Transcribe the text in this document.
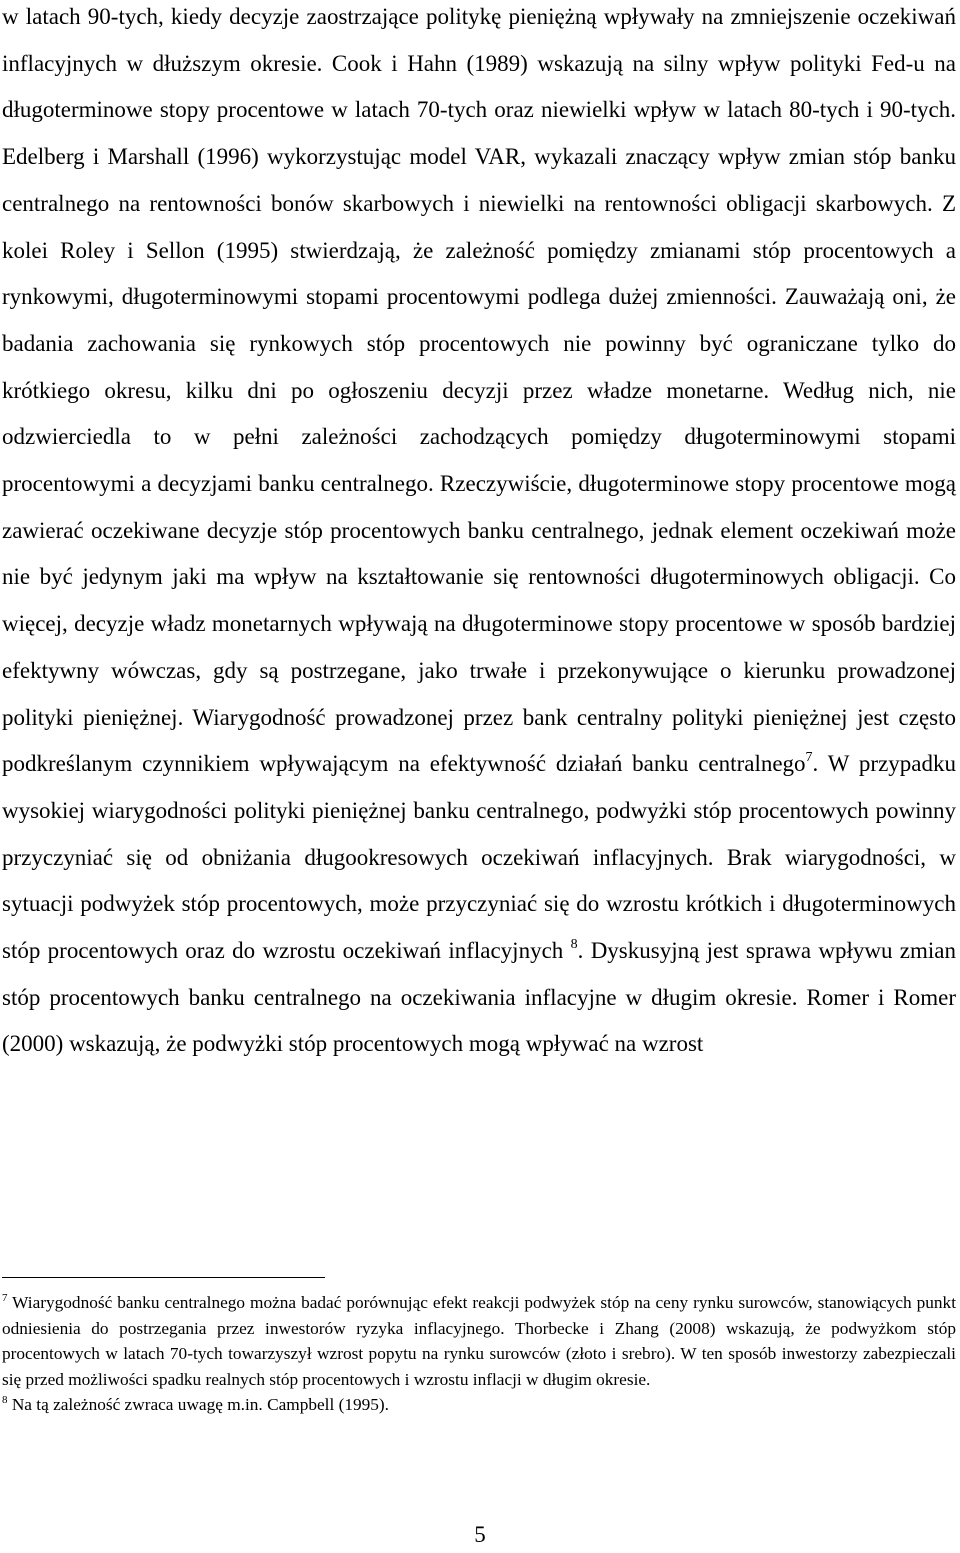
w latach 90-tych, kiedy decyzje zaostrzające politykę pieniężną wpływały na zmniejszenie oczekiwań inflacyjnych w dłuższym okresie. Cook i Hahn (1989) wskazują na silny wpływ polityki Fed-u na długoterminowe stopy procentowe w latach 70-tych oraz niewielki wpływ w latach 80-tych i 90-tych. Edelberg i Marshall (1996) wykorzystując model VAR, wykazali znaczący wpływ zmian stóp banku centralnego na rentowności bonów skarbowych i niewielki na rentowności obligacji skarbowych. Z kolei Roley i Sellon (1995) stwierdzają, że zależność pomiędzy zmianami stóp procentowych a rynkowymi, długoterminowymi stopami procentowymi podlega dużej zmienności. Zauważają oni, że badania zachowania się rynkowych stóp procentowych nie powinny być ograniczane tylko do krótkiego okresu, kilku dni po ogłoszeniu decyzji przez władze monetarne. Według nich, nie odzwierciedla to w pełni zależności zachodzących pomiędzy długoterminowymi stopami procentowymi a decyzjami banku centralnego. Rzeczywiście, długoterminowe stopy procentowe mogą zawierać oczekiwane decyzje stóp procentowych banku centralnego, jednak element oczekiwań może nie być jedynym jaki ma wpływ na kształtowanie się rentowności długoterminowych obligacji. Co więcej, decyzje władz monetarnych wpływają na długoterminowe stopy procentowe w sposób bardziej efektywny wówczas, gdy są postrzegane, jako trwałe i przekonywujące o kierunku prowadzonej polityki pieniężnej. Wiarygodność prowadzonej przez bank centralny polityki pieniężnej jest często podkreślanym czynnikiem wpływającym na efektywność działań banku centralnego$^7$. W przypadku wysokiej wiarygodności polityki pieniężnej banku centralnego, podwyżki stóp procentowych powinny przyczyniać się od obniżania długookresowych oczekiwań inflacyjnych. Brak wiarygodności, w sytuacji podwyżek stóp procentowych, może przyczyniać się do wzrostu krótkich i długoterminowych stóp procentowych oraz do wzrostu oczekiwań inflacyjnych $^8$. Dyskusyjną jest sprawa wpływu zmian stóp procentowych banku centralnego na oczekiwania inflacyjne w długim okresie. Romer i Romer (2000) wskazują, że podwyżki stóp procentowych mogą wpływać na wzrost

$^7$ Wiarygodność banku centralnego można badać porównując efekt reakcji podwyżek stóp na ceny rynku surowców, stanowiących punkt odniesienia do postrzegania przez inwestorów ryzyka inflacyjnego. Thorbecke i Zhang (2008) wskazują, że podwyżkom stóp procentowych w latach 70-tych towarzyszył wzrost popytu na rynku surowców (złoto i srebro). W ten sposób inwestorzy zabezpieczali się przed możliwości spadku realnych stóp procentowych i wzrostu inflacji w długim okresie.

$^8$ Na tą zależność zwraca uwagę m.in. Campbell (1995).

5
